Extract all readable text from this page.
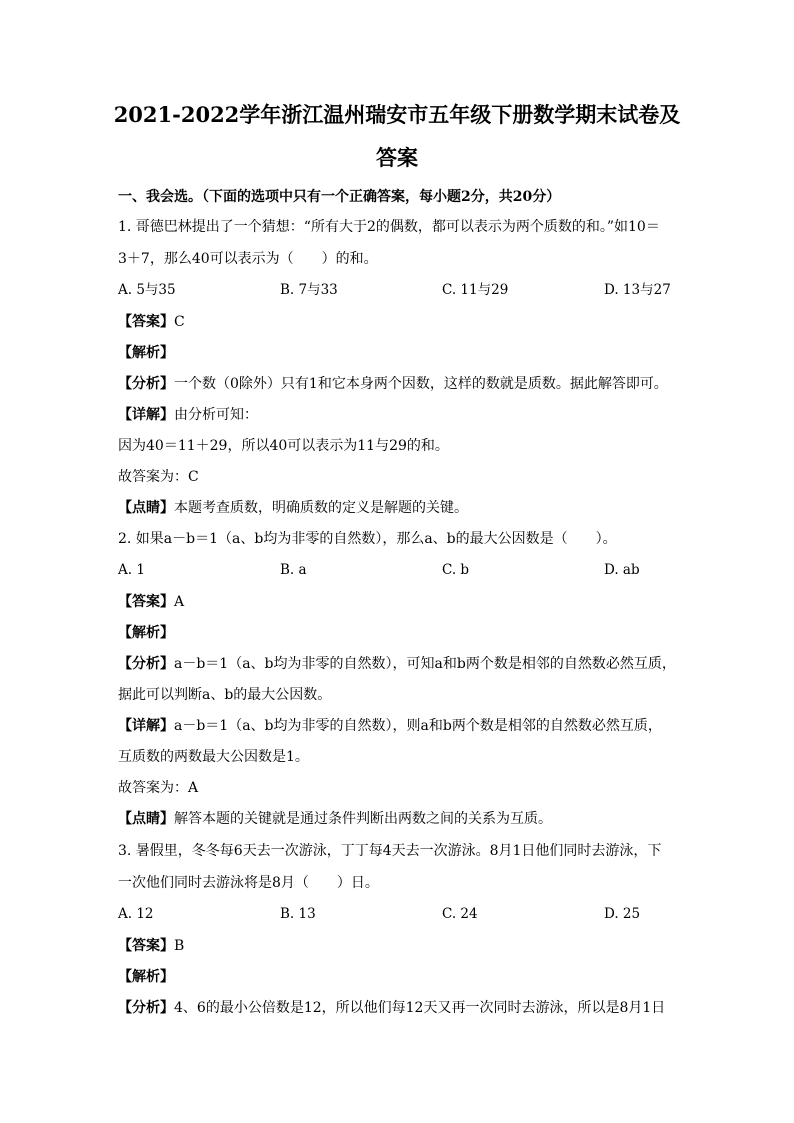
2021-2022学年浙江温州瑞安市五年级下册数学期末试卷及
答案
一、我会选。（下面的选项中只有一个正确答案，每小题2分，共20分）
1. 哥德巴林提出了一个猜想：“所有大于2的偶数，都可以表示为两个质数的和。”如10＝
3＋7，那么40可以表示为（　　）的和。
A. 5与35	B. 7与33	C. 11与29	D. 13与27
【答案】C
【解析】
【分析】一个数（0除外）只有1和它本身两个因数，这样的数就是质数。据此解答即可。
【详解】由分析可知：
因为40＝11＋29，所以40可以表示为11与29的和。
故答案为：C
【点睛】本题考查质数，明确质数的定义是解题的关键。
2. 如果a－b＝1（a、b均为非零的自然数），那么a、b的最大公因数是（　　）。
A. 1	B. a	C. b	D. ab
【答案】A
【解析】
【分析】a－b＝1（a、b均为非零的自然数），可知a和b两个数是相邻的自然数必然互质，
据此可以判断a、b的最大公因数。
【详解】a－b＝1（a、b均为非零的自然数），则a和b两个数是相邻的自然数必然互质，
互质数的两数最大公因数是1。
故答案为：A
【点睛】解答本题的关键就是通过条件判断出两数之间的关系为互质。
3. 暑假里，冬冬每6天去一次游泳，丁丁每4天去一次游泳。8月1日他们同时去游泳，下
一次他们同时去游泳将是8月（　　）日。
A. 12	B. 13	C. 24	D. 25
【答案】B
【解析】
【分析】4、6的最小公倍数是12，所以他们每12天又再一次同时去游泳，所以是8月1日
